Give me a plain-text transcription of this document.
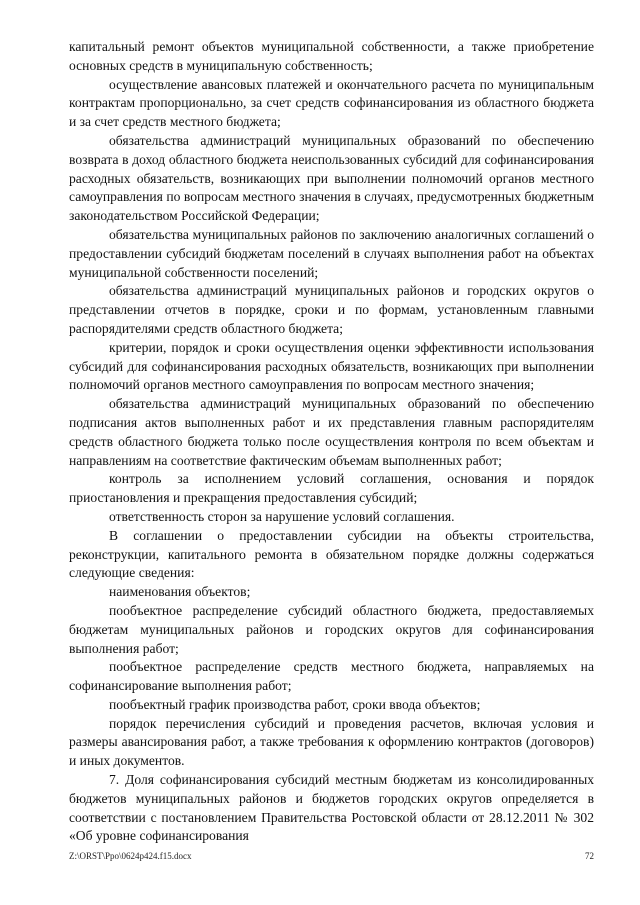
капитальный ремонт объектов муниципальной собственности, а также приобретение основных средств в муниципальную собственность;

осуществление авансовых платежей и окончательного расчета по муниципальным контрактам пропорционально, за счет средств софинансирования из областного бюджета и за счет средств местного бюджета;

обязательства администраций муниципальных образований по обеспечению возврата в доход областного бюджета неиспользованных субсидий для софинансирования расходных обязательств, возникающих при выполнении полномочий органов местного самоуправления по вопросам местного значения в случаях, предусмотренных бюджетным законодательством Российской Федерации;

обязательства муниципальных районов по заключению аналогичных соглашений о предоставлении субсидий бюджетам поселений в случаях выполнения работ на объектах муниципальной собственности поселений;

обязательства администраций муниципальных районов и городских округов о представлении отчетов в порядке, сроки и по формам, установленным главными распорядителями средств областного бюджета;

критерии, порядок и сроки осуществления оценки эффективности использования субсидий для софинансирования расходных обязательств, возникающих при выполнении полномочий органов местного самоуправления по вопросам местного значения;

обязательства администраций муниципальных образований по обеспечению подписания актов выполненных работ и их представления главным распорядителям средств областного бюджета только после осуществления контроля по всем объектам и направлениям на соответствие фактическим объемам выполненных работ;

контроль за исполнением условий соглашения, основания и порядок приостановления и прекращения предоставления субсидий;

ответственность сторон за нарушение условий соглашения.

В соглашении о предоставлении субсидии на объекты строительства, реконструкции, капитального ремонта в обязательном порядке должны содержаться следующие сведения:

наименования объектов;

пообъектное распределение субсидий областного бюджета, предоставляемых бюджетам муниципальных районов и городских округов для софинансирования выполнения работ;

пообъектное распределение средств местного бюджета, направляемых на софинансирование выполнения работ;

пообъектный график производства работ, сроки ввода объектов;

порядок перечисления субсидий и проведения расчетов, включая условия и размеры авансирования работ, а также требования к оформлению контрактов (договоров) и иных документов.

7. Доля софинансирования субсидий местным бюджетам из консолидированных бюджетов муниципальных районов и бюджетов городских округов определяется в соответствии с постановлением Правительства Ростовской области от 28.12.2011 № 302 «Об уровне софинансирования

Z:\ORST\Ppo\0624p424.f15.docx	72
